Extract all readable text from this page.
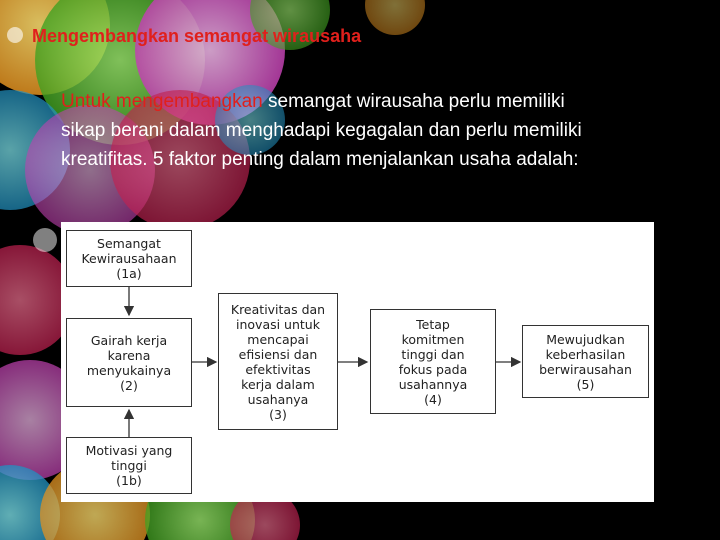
Mengembangkan semangat wirausaha
Untuk mengembangkan semangat wirausaha perlu memiliki sikap berani dalam menghadapi kegagalan dan perlu memiliki kreatifitas. 5 faktor penting dalam menjalankan usaha adalah:
Semangat
Kewirausahaan
(1a)
Gairah kerja
karena
menyukainya
(2)
Motivasi yang
tinggi
(1b)
Kreativitas dan
inovasi untuk
mencapai
efisiensi dan
efektivitas
kerja dalam
usahanya
(3)
Tetap
komitmen
tinggi dan
fokus pada
usahannya
(4)
Mewujudkan
keberhasilan
berwirausahan
(5)
